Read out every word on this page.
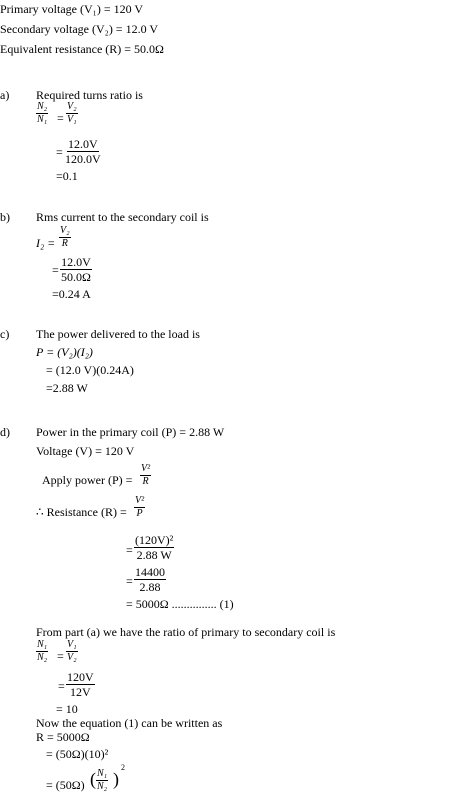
Primary voltage (V₁) = 120 V
Secondary voltage (V₂) = 12.0 V
Equivalent resistance (R) = 50.0Ω
a) Required turns ratio is
$\frac{\text{N₂}}{\text{N₁}} = \frac{\text{V₂}}{\text{V₁}}$
= $\frac{12.0V}{120.0V}$
=0.1
b) Rms current to the secondary coil is
$I_2 = \frac{\text{V₂}}{R}$
= $\frac{12.0V}{50.0\Omega}$
=0.24 A
c) The power delivered to the load is
P = (V₂)(I₂)
= (12.0 V)(0.24A)
=2.88 W
d) Power in the primary coil (P) = 2.88 W
Voltage (V) = 120 V
Apply power $(P) = \frac{\text{V²}}{R}$
∴ Resistance $(R) = \frac{\text{V²}}{P}$
= $\frac{\text{(120V)²}}{2.88 W}$
= $\frac{14400}{2.88}$
= 5000Ω ............... (1)
From part (a) we have the ratio of primary to secondary coil is
$\frac{\text{N₁}}{\text{N₂}} = \frac{\text{V₁}}{\text{V₂}}$
= $\frac{120V}{12V}$
= 10
Now the equation (1) can be written as
R = 5000Ω
= (50Ω)(10)²
= (50Ω) ( $\frac{\text{N₁}}{\text{N₂}}$ )
2
